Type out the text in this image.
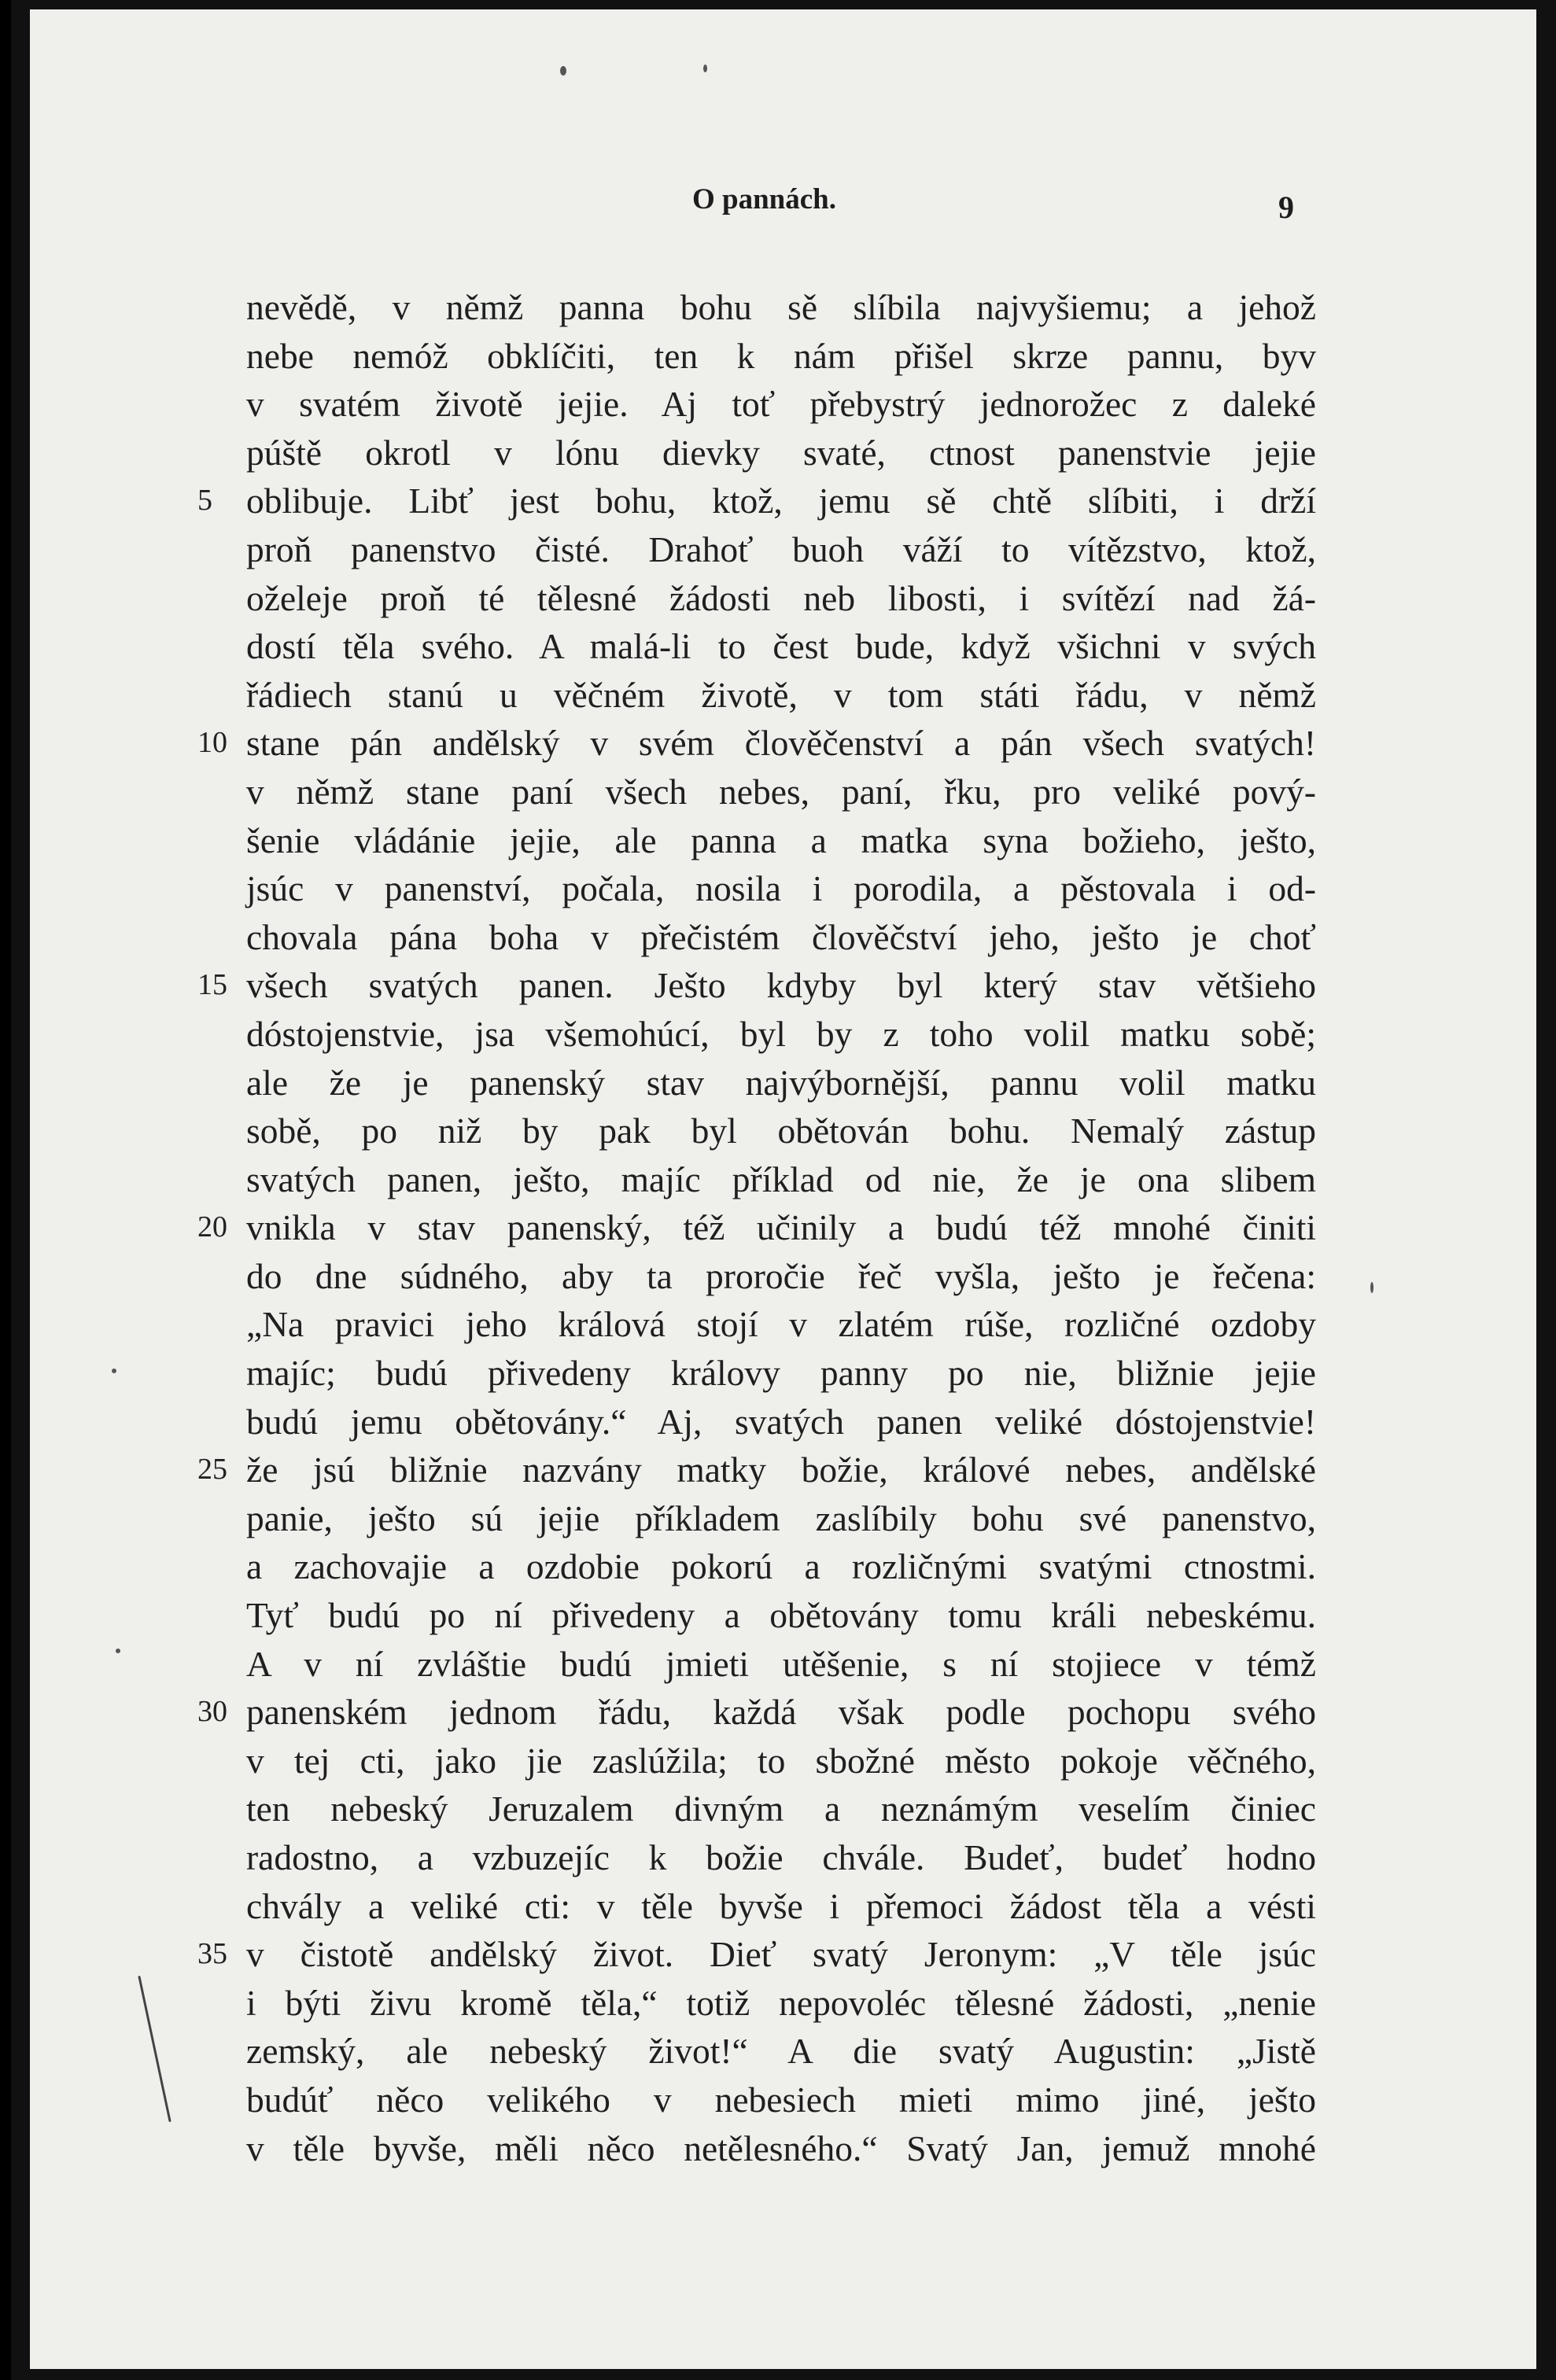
O pannách.	9
nevědě, v němž panna bohu sě slíbila najvyšiemu; a jehož
nebe nemóž obklíčiti, ten k nám přišel skrze pannu, byv
v svatém životě jejie. Aj toť přebystrý jednorožec z daleké
púště okrotl v lónu dievky svaté, ctnost panenstvie jejie
oblibuje. Libť jest bohu, ktož, jemu sě chtě slíbiti, i drží
5
proň panenstvo čisté. Drahoť buoh váží to vítězstvo, ktož,
oželeje proň té tělesné žádosti neb libosti, i svítězí nad žá-
dostí těla svého. A malá-li to čest bude, když všichni v svých
řádiech stanú u věčném životě, v tom státi řádu, v němž
stane pán andělský v svém člověčenství a pán všech svatých!
10
v němž stane paní všech nebes, paní, řku, pro veliké pový-
šenie vládánie jejie, ale panna a matka syna božieho, ješto,
jsúc v panenství, počala, nosila i porodila, a pěstovala i od-
chovala pána boha v přečistém člověčství jeho, ješto je choť
všech svatých panen. Ješto kdyby byl který stav většieho
15
dóstojenstvie, jsa všemohúcí, byl by z toho volil matku sobě;
ale že je panenský stav najvýbornější, pannu volil matku
sobě, po niž by pak byl obětován bohu. Nemalý zástup
svatých panen, ješto, majíc příklad od nie, že je ona slibem
vnikla v stav panenský, též učinily a budú též mnohé činiti
20
do dne súdného, aby ta proročie řeč vyšla, ješto je řečena:
„Na pravici jeho králová stojí v zlatém rúše, rozličné ozdoby
majíc; budú přivedeny královy panny po nie, bližnie jejie
budú jemu obětovány.“ Aj, svatých panen veliké dóstojenstvie!
že jsú bližnie nazvány matky božie, králové nebes, andělské
25
panie, ješto sú jejie příkladem zaslíbily bohu své panenstvo,
a zachovajie a ozdobie pokorú a rozličnými svatými ctnostmi.
Tyť budú po ní přivedeny a obětovány tomu králi nebeskému.
A v ní zvláštie budú jmieti utěšenie, s ní stojiece v témž
panenském jednom řádu, každá však podle pochopu svého
30
v tej cti, jako jie zaslúžila; to sbožné město pokoje věčného,
ten nebeský Jeruzalem divným a neznámým veselím činiec
radostno, a vzbuzejíc k božie chvále. Budeť, budeť hodno
chvály a veliké cti: v těle byvše i přemoci žádost těla a vésti
v čistotě andělský život. Dieť svatý Jeronym: „V těle jsúc
35
i býti živu kromě těla,“ totiž nepovoléc tělesné žádosti, „nenie
zemský, ale nebeský život!“ A die svatý Augustin: „Jistě
budúť něco velikého v nebesiech mieti mimo jiné, ješto
v těle byvše, měli něco netělesného.“ Svatý Jan, jemuž mnohé
